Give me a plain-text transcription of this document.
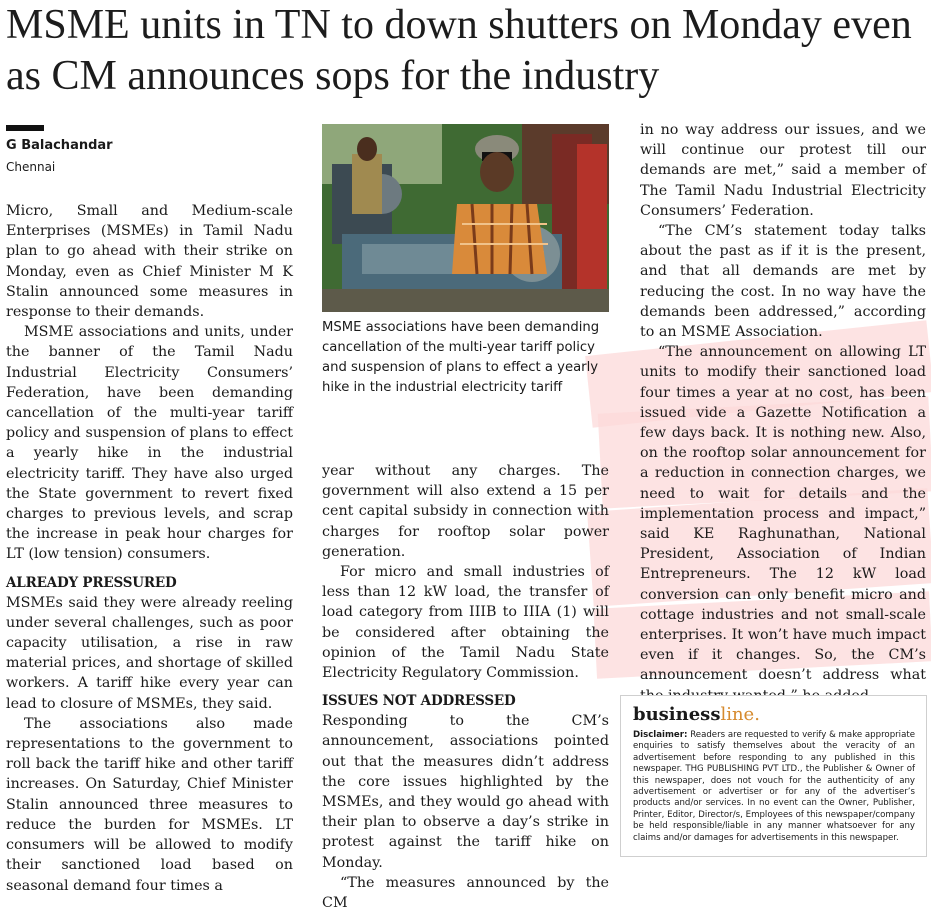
MSME units in TN to down shutters on Monday even as CM announces sops for the industry
G Balachandar
Chennai

Micro, Small and Medium-scale Enterprises (MSMEs) in Tamil Nadu plan to go ahead with their strike on Monday, even as Chief Minister M K Stalin announced some measures in response to their demands.

MSME associations and units, under the banner of the Tamil Nadu Industrial Electricity Consumers’ Federation, have been demanding cancellation of the multi-year tariff policy and suspension of plans to effect a yearly hike in the industrial electricity tariff. They have also urged the State government to revert fixed charges to previous levels, and scrap the increase in peak hour charges for LT (low tension) consumers.

ALREADY PRESSURED

MSMEs said they were already reeling under several challenges, such as poor capacity utilisation, a rise in raw material prices, and shortage of skilled workers. A tariff hike every year can lead to closure of MSMEs, they said.

The associations also made representations to the government to roll back the tariff hike and other tariff increases. On Saturday, Chief Minister Stalin announced three measures to reduce the burden for MSMEs. LT consumers will be allowed to modify their sanctioned load based on seasonal demand four times a

MSME associations have been demanding cancellation of the multi-year tariff policy and suspension of plans to effect a yearly hike in the industrial electricity tariff

year without any charges. The government will also extend a 15 per cent capital subsidy in connection with charges for rooftop solar power generation.

For micro and small industries of less than 12 kW load, the transfer of load category from IIIB to IIIA (1) will be considered after obtaining the opinion of the Tamil Nadu State Electricity Regulatory Commission.

ISSUES NOT ADDRESSED

Responding to the CM’s announcement, associations pointed out that the measures didn’t address the core issues highlighted by the MSMEs, and they would go ahead with their plan to observe a day’s strike in protest against the tariff hike on Monday.

“The measures announced by the CM

in no way address our issues, and we will continue our protest till our demands are met,” said a member of The Tamil Nadu Industrial Electricity Consumers’ Federation.

“The CM’s statement today talks about the past as if it is the present, and that all demands are met by reducing the cost. In no way have the demands been addressed,” according to an MSME Association.

“The announcement on allowing LT units to modify their sanctioned load four times a year at no cost, has been issued vide a Gazette Notification a few days back. It is nothing new. Also, on the rooftop solar announcement for a reduction in connection charges, we need to wait for details and the implementation process and impact,” said KE Raghunathan, National President, Association of Indian Entrepreneurs. The 12 kW load conversion can only benefit micro and cottage industries and not small-scale enterprises. It won’t have much impact even if it changes. So, the CM’s announcement doesn’t address what

businessline.
Disclaimer: Readers are requested to verify & make appropriate enquiries to satisfy themselves about the veracity of an advertisement before responding to any published in this newspaper. THG PUBLISHING PVT LTD., the Publisher & Owner of this newspaper, does not vouch for the authenticity of any advertisement or advertiser or for any of the advertiser’s products and/or services. In no event can the Owner, Publisher, Printer, Editor, Director/s, Employees of this newspaper/company be held responsible/liable in any manner whatsoever for any claims and/or damages for advertisements in this newspaper.
